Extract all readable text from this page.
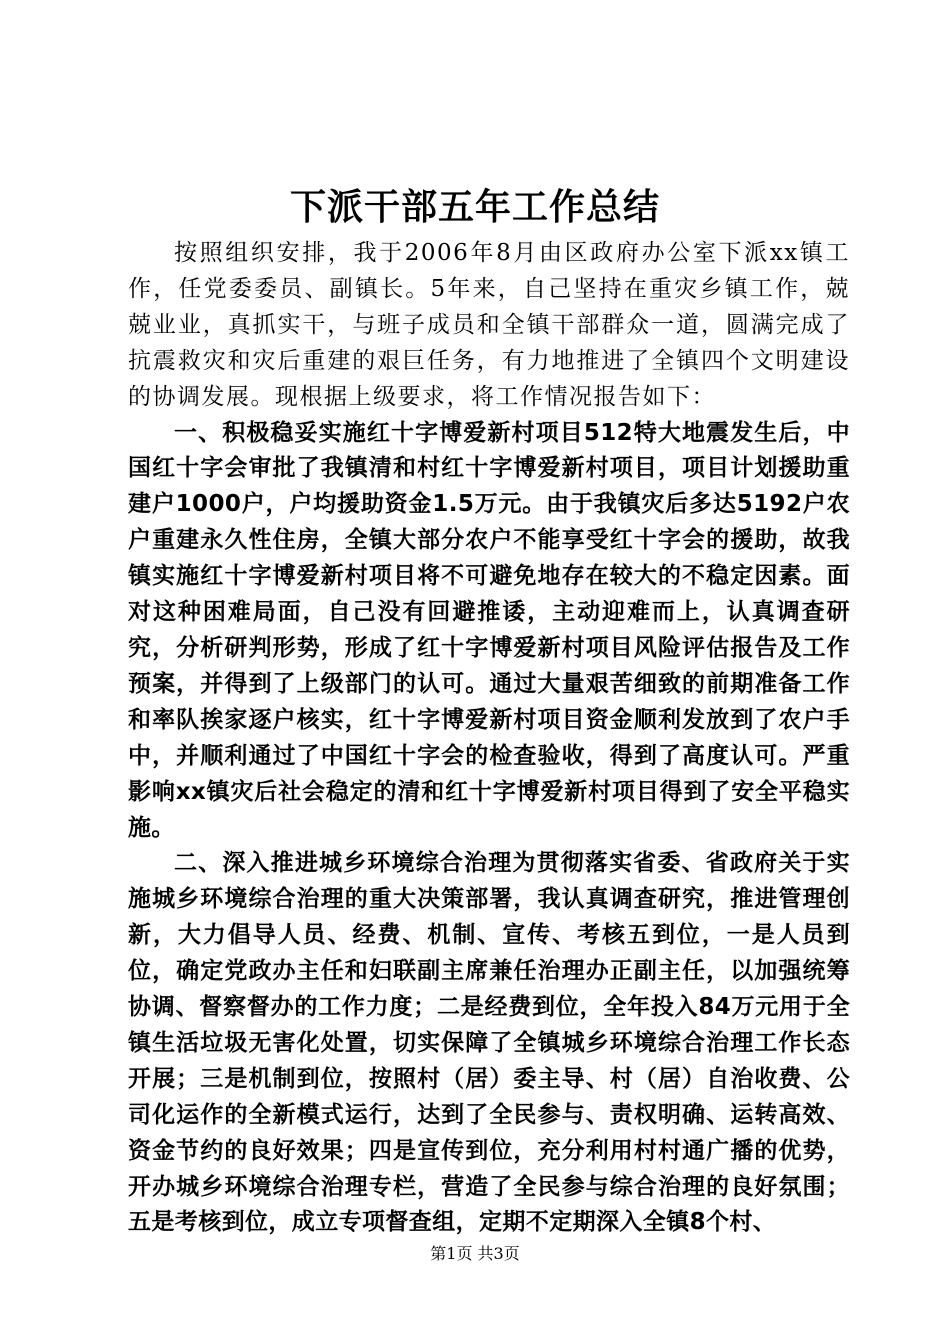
下派干部五年工作总结

按照组织安排，我于2006年8月由区政府办公室下派xx镇工作，任党委委员、副镇长。5年来，自己坚持在重灾乡镇工作，兢兢业业，真抓实干，与班子成员和全镇干部群众一道，圆满完成了抗震救灾和灾后重建的艰巨任务，有力地推进了全镇四个文明建设的协调发展。现根据上级要求，将工作情况报告如下：

一、积极稳妥实施红十字博爱新村项目512特大地震发生后，中国红十字会审批了我镇清和村红十字博爱新村项目，项目计划援助重建户1000户，户均援助资金1.5万元。由于我镇灾后多达5192户农户重建永久性住房，全镇大部分农户不能享受红十字会的援助，故我镇实施红十字博爱新村项目将不可避免地存在较大的不稳定因素。面对这种困难局面，自己没有回避推诿，主动迎难而上，认真调查研究，分析研判形势，形成了红十字博爱新村项目风险评估报告及工作预案，并得到了上级部门的认可。通过大量艰苦细致的前期准备工作和率队挨家逐户核实，红十字博爱新村项目资金顺利发放到了农户手中，并顺利通过了中国红十字会的检查验收，得到了高度认可。严重影响xx镇灾后社会稳定的清和红十字博爱新村项目得到了安全平稳实施。

二、深入推进城乡环境综合治理为贯彻落实省委、省政府关于实施城乡环境综合治理的重大决策部署，我认真调查研究，推进管理创新，大力倡导人员、经费、机制、宣传、考核五到位，一是人员到位，确定党政办主任和妇联副主席兼任治理办正副主任，以加强统筹协调、督察督办的工作力度；二是经费到位，全年投入84万元用于全镇生活垃圾无害化处置，切实保障了全镇城乡环境综合治理工作长态开展；三是机制到位，按照村（居）委主导、村（居）自治收费、公司化运作的全新模式运行，达到了全民参与、责权明确、运转高效、资金节约的良好效果；四是宣传到位，充分利用村村通广播的优势，开办城乡环境综合治理专栏，营造了全民参与综合治理的良好氛围；五是考核到位，成立专项督查组，定期不定期深入全镇8个村、

第1页 共3页
